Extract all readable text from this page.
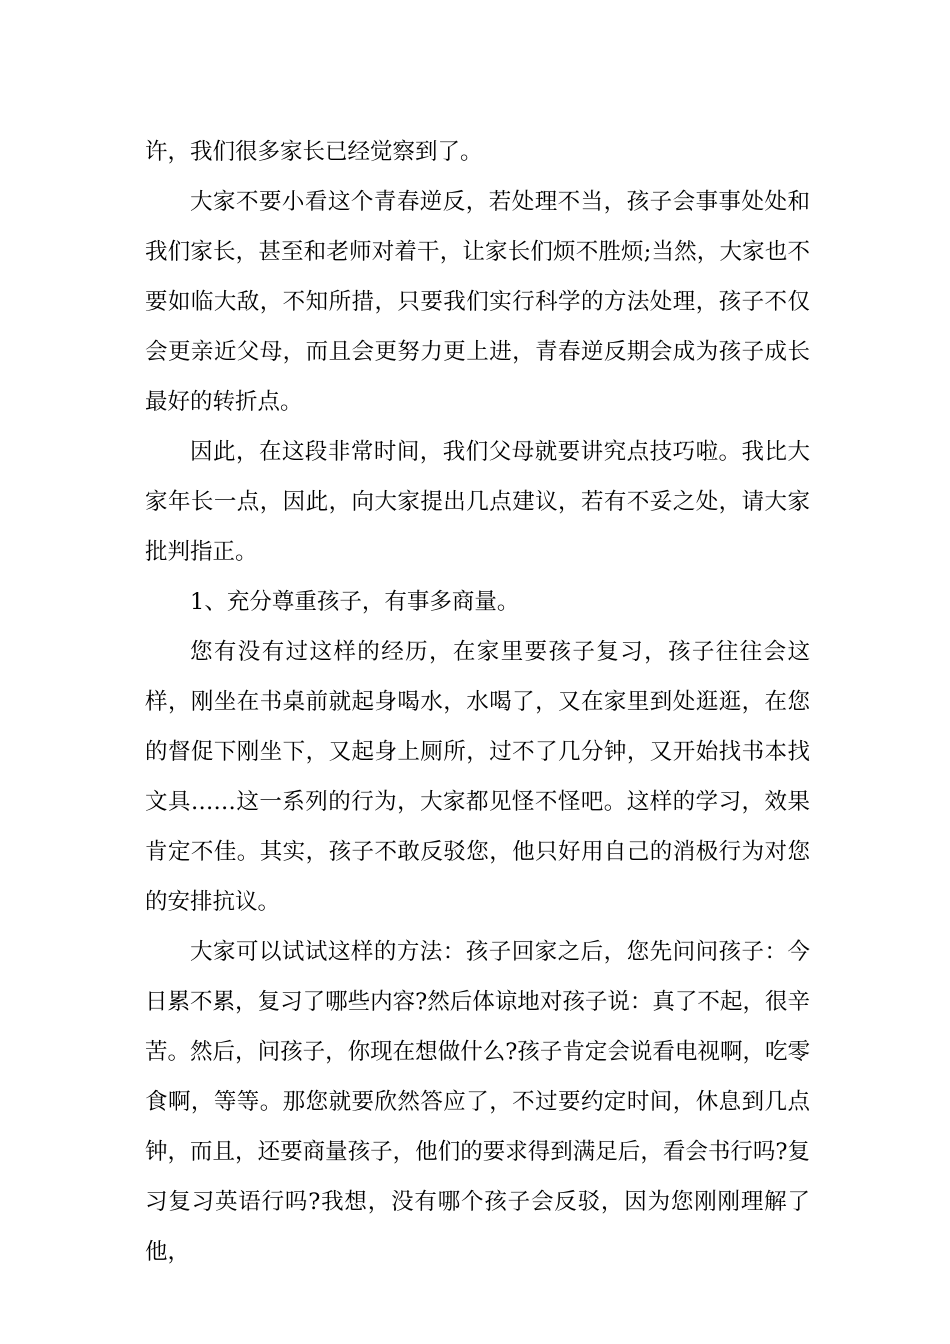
许，我们很多家长已经觉察到了。

大家不要小看这个青春逆反，若处理不当，孩子会事事处处和我们家长，甚至和老师对着干，让家长们烦不胜烦;当然，大家也不要如临大敌，不知所措，只要我们实行科学的方法处理，孩子不仅会更亲近父母，而且会更努力更上进，青春逆反期会成为孩子成长最好的转折点。

因此，在这段非常时间，我们父母就要讲究点技巧啦。我比大家年长一点，因此，向大家提出几点建议，若有不妥之处，请大家批判指正。

1、充分尊重孩子，有事多商量。

您有没有过这样的经历，在家里要孩子复习，孩子往往会这样，刚坐在书桌前就起身喝水，水喝了，又在家里到处逛逛，在您的督促下刚坐下，又起身上厕所，过不了几分钟，又开始找书本找文具……这一系列的行为，大家都见怪不怪吧。这样的学习，效果肯定不佳。其实，孩子不敢反驳您，他只好用自己的消极行为对您的安排抗议。

大家可以试试这样的方法：孩子回家之后，您先问问孩子：今日累不累，复习了哪些内容?然后体谅地对孩子说：真了不起，很辛苦。然后，问孩子，你现在想做什么?孩子肯定会说看电视啊，吃零食啊，等等。那您就要欣然答应了，不过要约定时间，休息到几点钟，而且，还要商量孩子，他们的要求得到满足后，看会书行吗?复习复习英语行吗?我想，没有哪个孩子会反驳，因为您刚刚理解了他，
